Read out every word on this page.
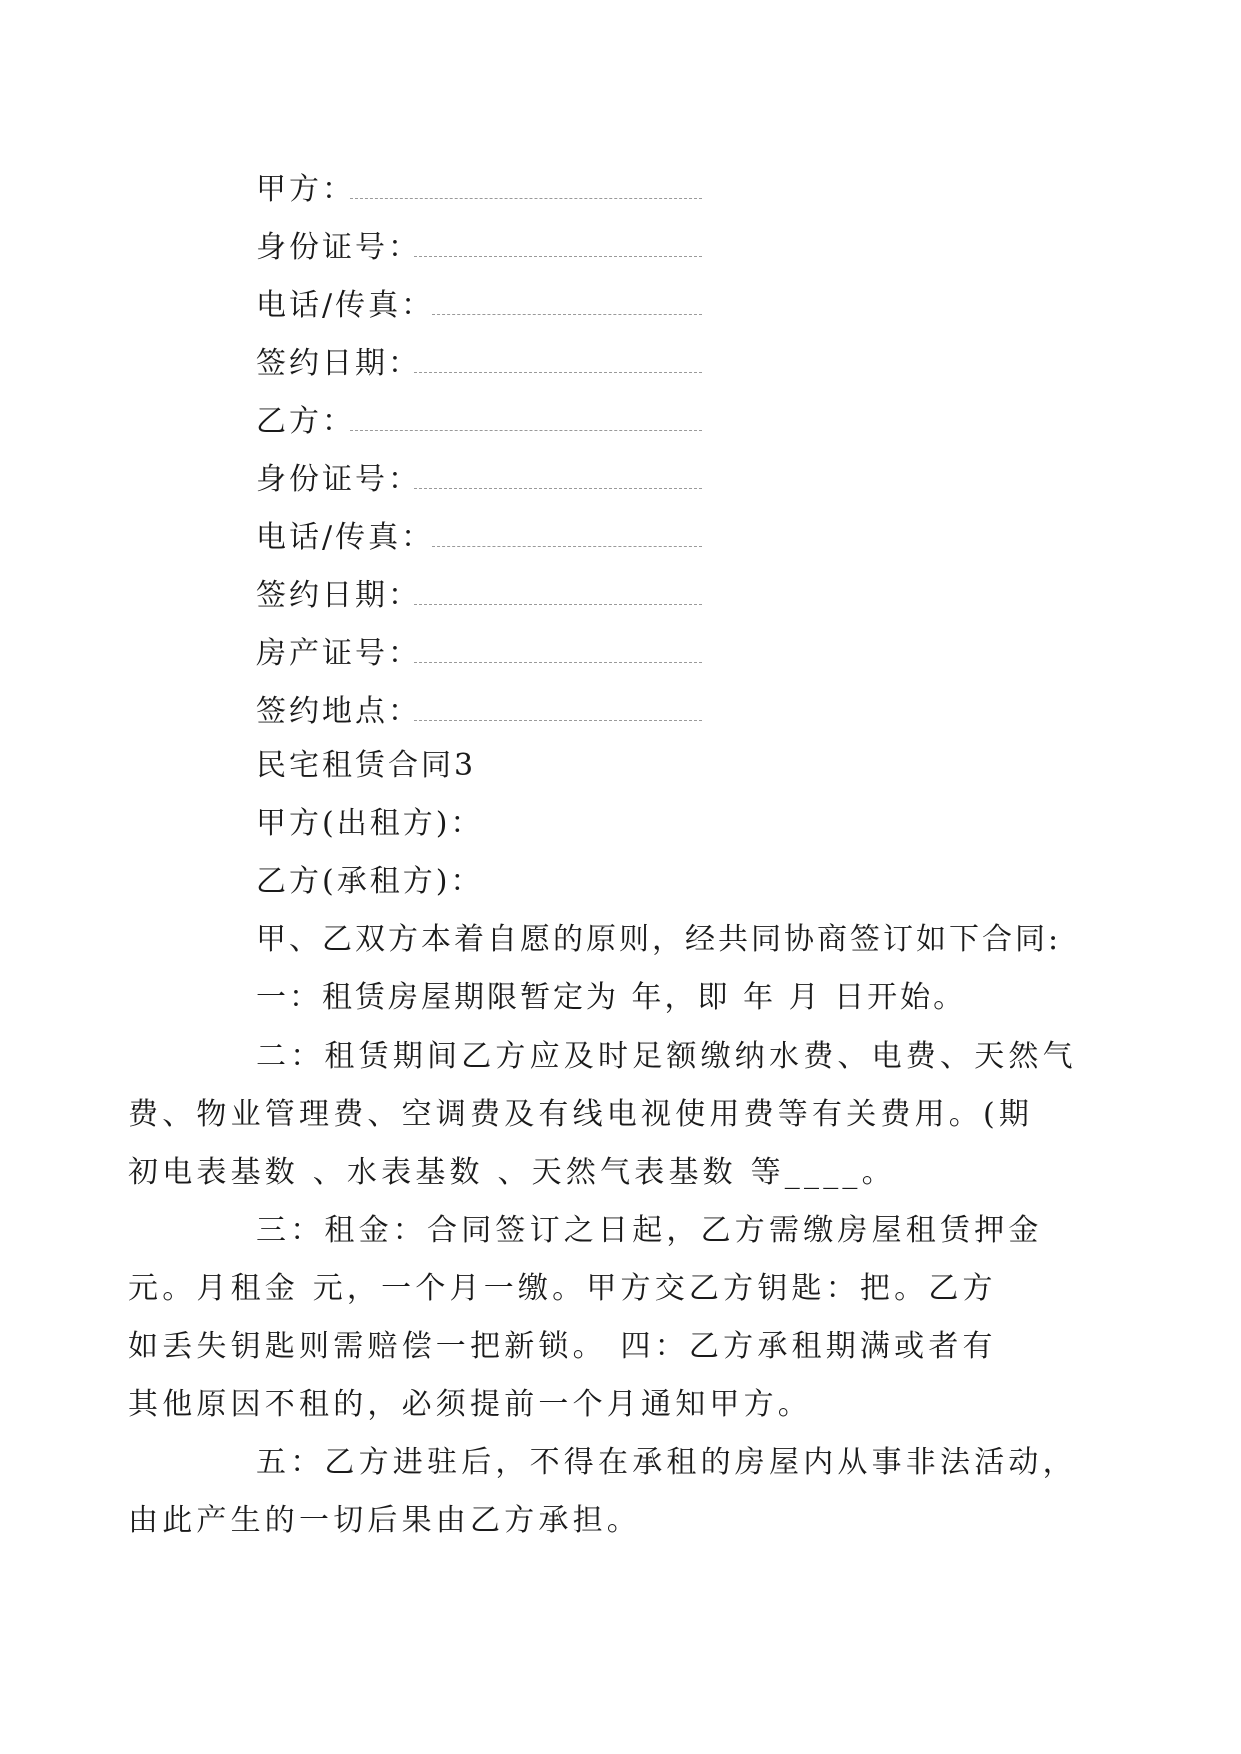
甲方：
身份证号：
电话/传真：
签约日期：
乙方：
身份证号：
电话/传真：
签约日期：
房产证号：
签约地点：
民宅租赁合同3
甲方(出租方)：
乙方(承租方)：
甲、乙双方本着自愿的原则，经共同协商签订如下合同:
一：租赁房屋期限暂定为 年，即 年 月 日开始。
二：租赁期间乙方应及时足额缴纳水费、电费、天然气
费、物业管理费、空调费及有线电视使用费等有关费用。(期
初电表基数 、水表基数 、天然气表基数 等____。
三：租金：合同签订之日起，乙方需缴房屋租赁押金
元。月租金 元，一个月一缴。甲方交乙方钥匙：把。乙方
如丢失钥匙则需赔偿一把新锁。 四：乙方承租期满或者有
其他原因不租的，必须提前一个月通知甲方。
五：乙方进驻后，不得在承租的房屋内从事非法活动，
由此产生的一切后果由乙方承担。
